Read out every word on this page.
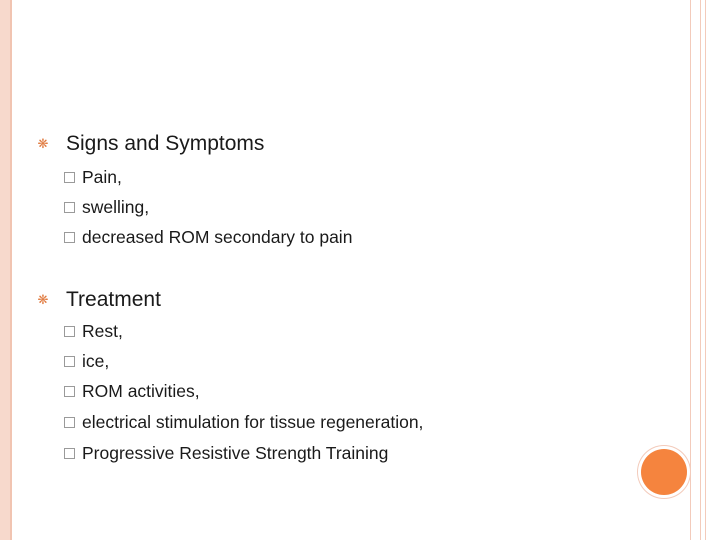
❋ Signs and Symptoms
Pain,
swelling,
decreased ROM secondary to pain
❋ Treatment
Rest,
ice,
ROM activities,
electrical stimulation for tissue regeneration,
Progressive Resistive Strength Training
